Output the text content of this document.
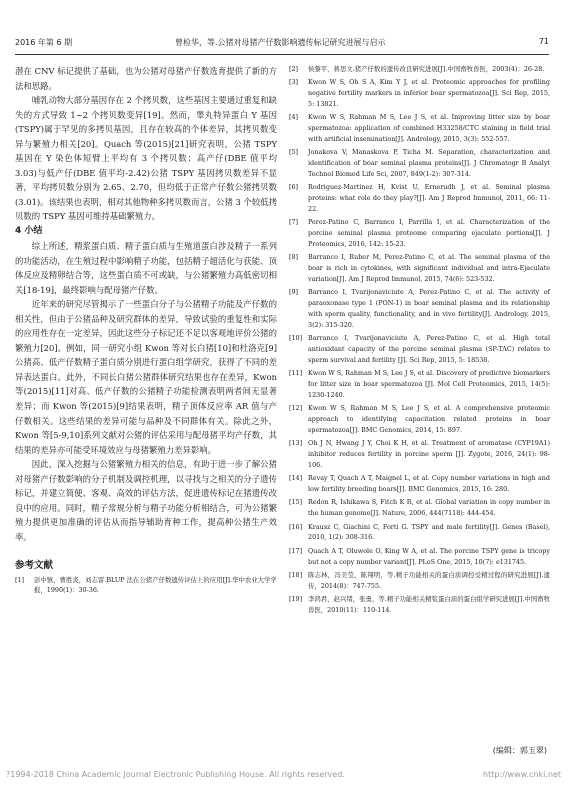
2016 年第 6 期	曾检华，等.公猪对母猪产仔数影响遗传标记研究进展与启示	71

潜在 CNV 标记提供了基础，也为公猪对母猪产仔数选育提供了新的方法和思路。

哺乳动物大部分基因存在 2 个拷贝数，这些基因主要通过重复和缺失的方式导致 1~2 个拷贝数变异[19]。然而，睾丸特异蛋白 Y 基因(TSPY)属于罕见的多拷贝基因，且存在较高的个体差异，其拷贝数变异与繁殖力相关[20]。Quach 等(2015)[21]研究表明，公猪 TSPY 基因在 Y 染色体短臂上平均有 3 个拷贝数；高产仔(DBE 值平均 3.03)与低产仔(DBE 值平均-2.42)公猪 TSPY 基因拷贝数差异不显著，平均拷贝数分别为 2.65、2.70，但均低于正常产仔数公猪拷贝数(3.01)。该结果也表明，相对其他物种多拷贝数而言，公猪 3 个较低拷贝数的 TSPY 基因可维持基础繁殖力。

4 小结

综上所述，精浆蛋白质、精子蛋白质与生殖道蛋白涉及精子一系列的功能活动，在生殖过程中影响精子功能，包括精子超活化与获能、顶体反应及精卵结合等，这些蛋白质不可或缺，与公猪繁殖力高低密切相关[18-19]，最终影响与配母猪产仔数。

近年来的研究尽管揭示了一些蛋白分子与公猪精子功能及产仔数的相关性，但由于公猪品种及研究群体的差异，导致试验的重复性和实际的应用性存在一定差异，因此这些分子标记还不足以客观地评价公猪的繁殖力[20]。例如，同一研究小组 Kwon 等对长白猪[10]和杜洛克[9]公猪高、低产仔数精子蛋白质分别进行蛋白组学研究，获得了不同的差异表达蛋白。此外，不同长白猪公猪群体研究结果也存在差异，Kwon 等(2015)[11]对高、低产仔数的公猪精子功能检测表明两者间无显著差异；而 Kwon 等(2015)[9]结果表明，精子顶体反应率 AR 值与产仔数相关。这些结果的差异可能与品种及不同群体有关。除此之外，Kwon 等[5-9,10]系列文献对公猪的评估采用与配母猪平均产仔数，其结果的差异亦可能受环境效应与母猪繁殖力差异影响。

因此，深入挖掘与公猪繁殖力相关的信息，有助于进一步了解公猪对母猪产仔数影响的分子机制及调控机理，以寻找与之相关的分子遗传标记，并建立简便、客观、高效的评估方法，促进遗传标记在猪遗传改良中的应用。同时，精子常规分析与精子功能分析相结合，可为公猪繁殖力提供更加准确的评估从而指导辅助育种工作，提高种公猪生产效率。

参考文献

[1] 彭中镇，曹胜炎，刘志雷.BLUP 法在公猪产仔数遗传评估上的应用[J].华中农业大学学报，1990(1)：30-36.

[2] 侯黎平，蒋思文.猪产仔数的遗传改良研究进展[J].中国畜牧兽医，2003(4)：26-28.

[3] Kwon W S, Oh S A, Kim Y J, et al. Proteomic approaches for profiling negative fertility markers in inferior boar spermatozoa[J]. Sci Rep, 2015, 5: 13821.

[4] Kwon W S, Rahman M S, Lee J S, et al. Improving litter size by boar spermatozoa: application of combined H33258/CTC staining in field trial with artificial insemination[J]. Andrology, 2015, 3(3): 552-557.

[5] Jonakova V, Manaskova P, Ticha M. Separation, characterization and identification of boar seminal plasma proteins[J]. J Chromatogr B Analyt Technol Biomed Life Sci, 2007, 849(1-2): 307-314.

[6] Rodriguez-Martinez H, Kvist U, Ernerudh J, et al. Seminal plasma proteins: what role do they play?[J]. Am J Reprod Immunol, 2011, 66: 11-22.

[7] Perez-Patino C, Barranco I, Parrilla I, et al. Characterization of the porcine seminal plasma proteome comparing ejaculate portions[J]. J Proteomics, 2016, 142: 15-23.

[8] Barranco I, Ruber M, Perez-Patino C, et al. The seminal plasma of the boar is rich in cytokines, with significant individual and intra-Ejaculate variation[J]. Am J Reprod Immunol, 2015, 74(6): 523-532.

[9] Barranco I, Tvarijonaviciute A, Perez-Patino C, et al. The activity of paraoxonase type 1 (PON-1) in boar seminal plasma and its relationship with sperm quality, functionality, and in vivo fertility[J]. Andrology, 2015, 3(2): 315-320.

[10] Barranco I, Tvarijonaviciute A, Perez-Patino C, et al. High total antioxidant capacity of the porcine seminal plasma (SP-TAC) relates to sperm survival and fertility [J]. Sci Rep, 2015, 5: 18538.

[11] Kwon W S, Rahman M S, Lee J S, et al. Discovery of predictive biomarkers for litter size in boar spermatozoa [J]. Mol Cell Proteomics, 2015, 14(5): 1230-1240.

[12] Kwon W S, Rahman M S, Lee J S, et al. A comprehensive proteomic approach to identifying capacitation related proteins in boar spermatozoa[J]. BMC Genomics, 2014, 15: 897.

[13] Oh J N, Hwang J Y, Choi K H, et al. Treatment of aromatase (CYP19A1) inhibitor reduces fertility in porcine sperm [J]. Zygote, 2016, 24(1): 98-106.

[14] Revay T, Quach A T, Maignel L, et al. Copy number variations in high and low fertility breeding boars[J]. BMC Genomics, 2015, 16: 280.

[15] Redon R, Ishikawa S, Fitch K R, et al. Global variation in copy number in the human genome[J]. Nature, 2006, 444(7118): 444-454.

[16] Krausz C, Giachini C, Forti G. TSPY and male fertility[J]. Genes (Basel), 2010, 1(2): 308-316.

[17] Quach A T, Oluwole O, King W A, et al. The porcine TSPY gene is tricopy but not a copy number variant[J]. PLoS One, 2015, 10(7): e131745.

[18] 陈志林，冯美莹，陈翔明，等.精子功能相关的蛋白质调控受精过程的研究进展[J].遗传，2014(8)：747-755.

[19] 李鸿君，赵兴绪，张勇，等.精子功能相关精浆蛋白质的蛋白组学研究进展[J].中国畜牧兽医，2010(11)：110-114.

(编辑：郭玉翠)
?1994-2018 China Academic Journal Electronic Publishing House. All rights reserved.	http://www.cnki.net
